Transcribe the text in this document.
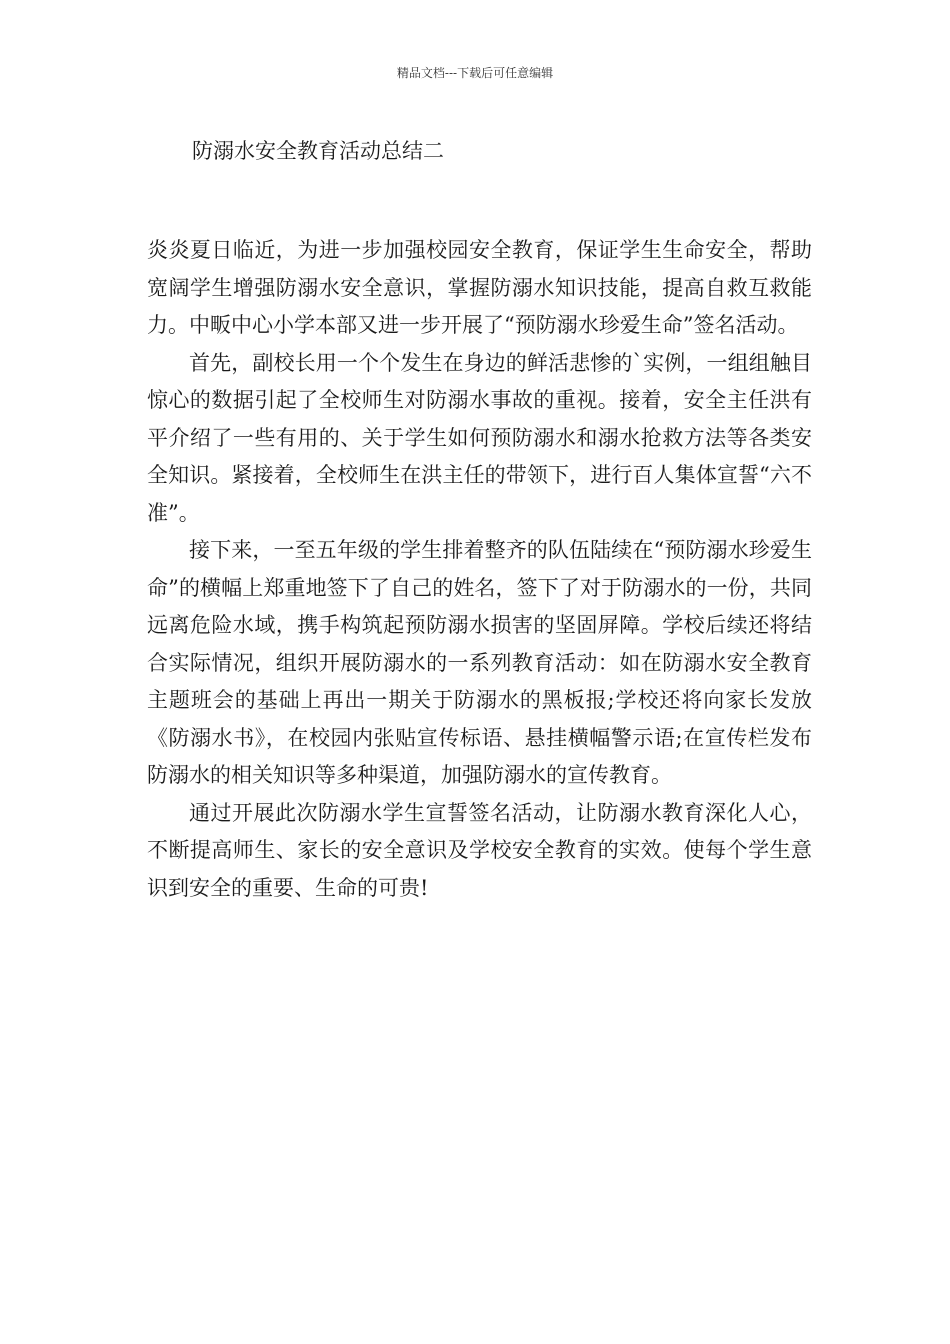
精品文档---下载后可任意编辑
防溺水安全教育活动总结二

炎炎夏日临近，为进一步加强校园安全教育，保证学生生命安全，帮助宽阔学生增强防溺水安全意识，掌握防溺水知识技能，提高自救互救能力。中畈中心小学本部又进一步开展了“预防溺水珍爱生命”签名活动。

首先，副校长用一个个发生在身边的鲜活悲惨的`实例，一组组触目惊心的数据引起了全校师生对防溺水事故的重视。接着，安全主任洪有平介绍了一些有用的、关于学生如何预防溺水和溺水抢救方法等各类安全知识。紧接着，全校师生在洪主任的带领下，进行百人集体宣誓“六不准”。

接下来，一至五年级的学生排着整齐的队伍陆续在“预防溺水珍爱生命”的横幅上郑重地签下了自己的姓名，签下了对于防溺水的一份，共同远离危险水域，携手构筑起预防溺水损害的坚固屏障。学校后续还将结合实际情况，组织开展防溺水的一系列教育活动：如在防溺水安全教育主题班会的基础上再出一期关于防溺水的黑板报;学校还将向家长发放《防溺水书》，在校园内张贴宣传标语、悬挂横幅警示语;在宣传栏发布防溺水的相关知识等多种渠道，加强防溺水的宣传教育。

通过开展此次防溺水学生宣誓签名活动，让防溺水教育深化人心，不断提高师生、家长的安全意识及学校安全教育的实效。使每个学生意识到安全的重要、生命的可贵!
